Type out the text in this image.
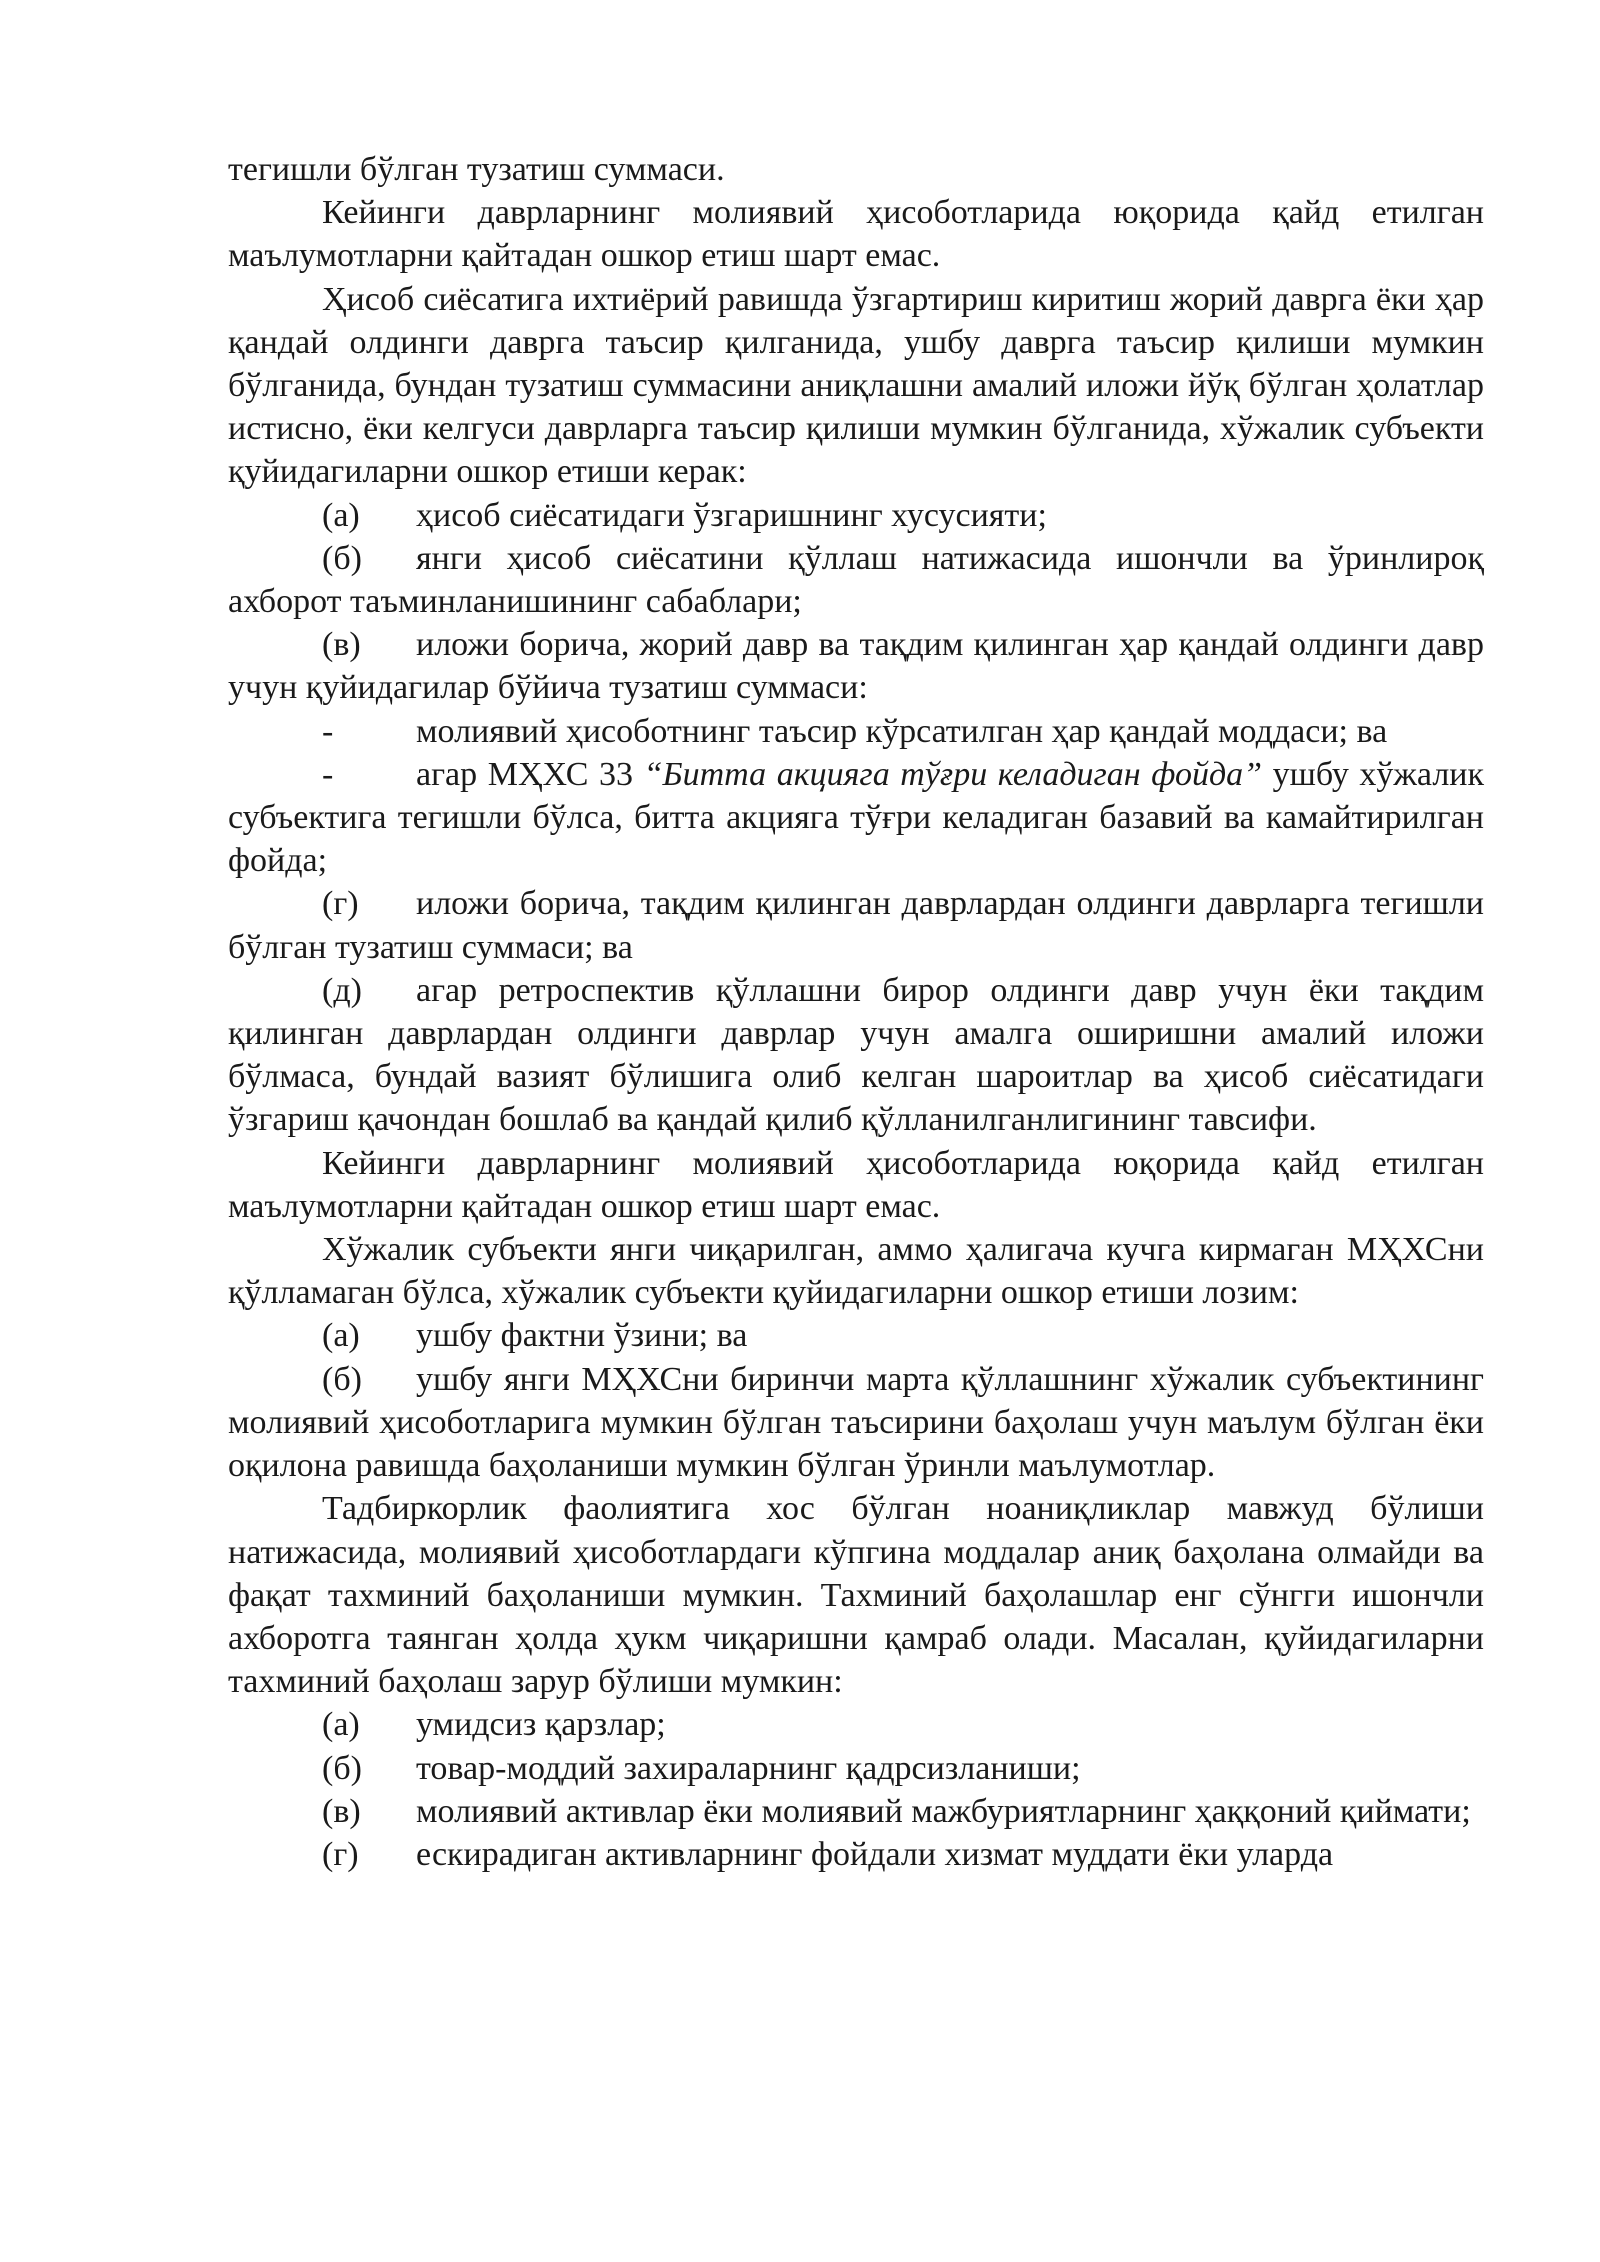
тегишли бўлган тузатиш суммаси.

Кейинги даврларнинг молиявий ҳисоботларида юқорида қайд етилган маълумотларни қайтадан ошкор етиш шарт емас.

Ҳисоб сиёсатига ихтиёрий равишда ўзгартириш киритиш жорий даврга ёки ҳар қандай олдинги даврга таъсир қилганида, ушбу даврга таъсир қилиши мумкин бўлганида, бундан тузатиш суммасини аниқлашни амалий иложи йўқ бўлган ҳолатлар истисно, ёки келгуси даврларга таъсир қилиши мумкин бўлганида, хўжалик субъекти қуйидагиларни ошкор етиши керак:

(а) ҳисоб сиёсатидаги ўзгаришнинг хусусияти;

(б) янги ҳисоб сиёсатини қўллаш натижасида ишончли ва ўринлироқ ахборот таъминланишининг сабаблари;

(в) иложи борича, жорий давр ва тақдим қилинган ҳар қандай олдинги давр учун қуйидагилар бўйича тузатиш суммаси:

- молиявий ҳисоботнинг таъсир кўрсатилган ҳар қандай моддаси; ва

- агар МҲХС 33 “Битта акцияга тўғри келадиган фойда” ушбу хўжалик субъектига тегишли бўлса, битта акцияга тўғри келадиган базавий ва камайтирилган фойда;

(г) иложи борича, тақдим қилинган даврлардан олдинги даврларга тегишли бўлган тузатиш суммаси; ва

(д) агар ретроспектив қўллашни бирор олдинги давр учун ёки тақдим қилинган даврлардан олдинги даврлар учун амалга оширишни амалий иложи бўлмаса, бундай вазият бўлишига олиб келган шароитлар ва ҳисоб сиёсатидаги ўзгариш қачондан бошлаб ва қандай қилиб қўлланилганлигининг тавсифи.

Кейинги даврларнинг молиявий ҳисоботларида юқорида қайд етилган маълумотларни қайтадан ошкор етиш шарт емас.

Хўжалик субъекти янги чиқарилган, аммо ҳалигача кучга кирмаган МҲХСни қўлламаган бўлса, хўжалик субъекти қуйидагиларни ошкор етиши лозим:

(а) ушбу фактни ўзини; ва

(б) ушбу янги МҲХСни биринчи марта қўллашнинг хўжалик субъектининг молиявий ҳисоботларига мумкин бўлган таъсирини баҳолаш учун маълум бўлган ёки оқилона равишда баҳоланиши мумкин бўлган ўринли маълумотлар.

Тадбиркорлик фаолиятига хос бўлган ноаниқликлар мавжуд бўлиши натижасида, молиявий ҳисоботлардаги кўпгина моддалар аниқ баҳолана олмайди ва фақат тахминий баҳоланиши мумкин. Тахминий баҳолашлар енг сўнгги ишончли ахборотга таянган ҳолда ҳукм чиқаришни қамраб олади. Масалан, қуйидагиларни тахминий баҳолаш зарур бўлиши мумкин:

(а) умидсиз қарзлар;

(б) товар-моддий захираларнинг қадрсизланиши;

(в) молиявий активлар ёки молиявий мажбуриятларнинг ҳаққоний қиймати;

(г) ескирадиган активларнинг фойдали хизмат муддати ёки уларда
